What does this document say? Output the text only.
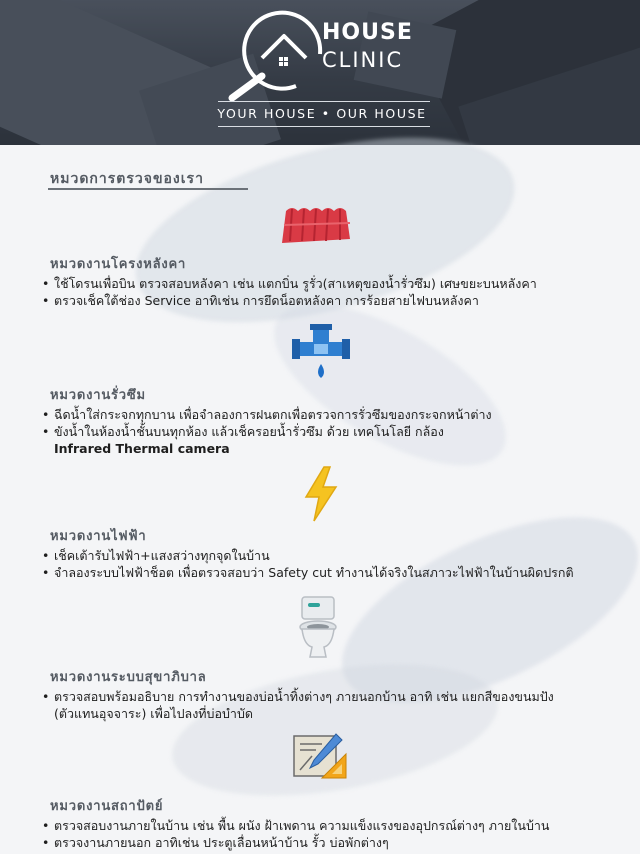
HOUSE
CLINIC
YOUR HOUSE • OUR HOUSE
หมวดการตรวจของเรา
หมวดงานโครงหลังคา
• ใช้โดรนเพื่อบิน ตรวจสอบหลังคา เช่น แตกบิ่น รูรั่ว(สาเหตุของน้ำรั่วซึม) เศษขยะบนหลังคา
• ตรวจเช็คใต้ช่อง Service อาทิเช่น การยึดน็อตหลังคา การร้อยสายไฟบนหลังคา
หมวดงานรั่วซึม
• ฉีดน้ำใส่กระจกทุกบาน เพื่อจำลองการฝนตกเพื่อตรวจการรั่วซึมของกระจกหน้าต่าง
• ขังน้ำในห้องน้ำชั้นบนทุกห้อง แล้วเช็ครอยน้ำรั่วซึม ด้วย เทคโนโลยี กล้อง
Infrared Thermal camera
หมวดงานไฟฟ้า
• เช็คเต้ารับไฟฟ้า+แสงสว่างทุกจุดในบ้าน
• จำลองระบบไฟฟ้าช็อต เพื่อตรวจสอบว่า Safety cut ทำงานได้จริงในสภาวะไฟฟ้าในบ้านผิดปรกติ
หมวดงานระบบสุขาภิบาล
• ตรวจสอบพร้อมอธิบาย การทำงานของบ่อน้ำทิ้งต่างๆ ภายนอกบ้าน อาทิ เช่น แยกสีของขนมปัง
(ตัวแทนอุจจาระ) เพื่อไปลงที่บ่อบำบัด
หมวดงานสถาปัตย์
• ตรวจสอบงานภายในบ้าน เช่น พื้น ผนัง ฝ้าเพดาน ความแข็งแรงของอุปกรณ์ต่างๆ ภายในบ้าน
• ตรวจงานภายนอก อาทิเช่น ประตูเลื่อนหน้าบ้าน รั้ว บ่อพักต่างๆ
